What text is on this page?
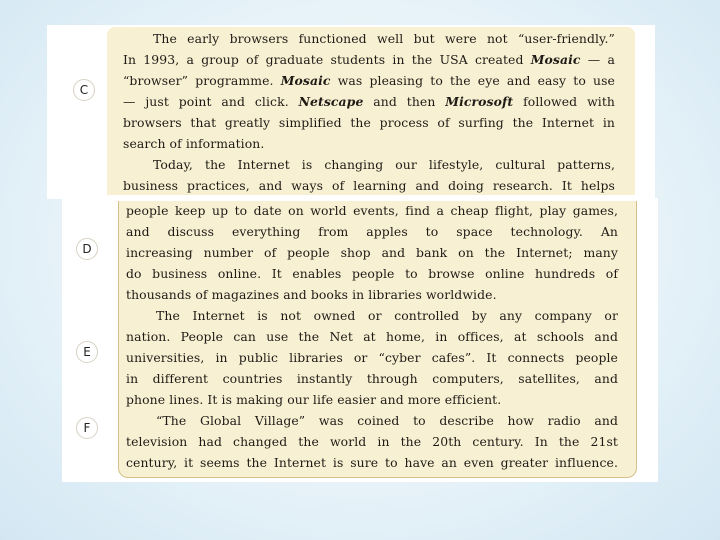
C
D
E
F

The early browsers functioned well but were not “user-friendly.”

In 1993, a group of graduate students in the USA created Mosaic — a

“browser” programme. Mosaic was pleasing to the eye and easy to use

— just point and click. Netscape and then Microsoft followed with

browsers that greatly simplified the process of surfing the Internet in

search of information.

Today, the Internet is changing our lifestyle, cultural patterns,

business practices, and ways of learning and doing research. It helps

people keep up to date on world events, find a cheap flight, play games,

and discuss everything from apples to space technology. An

increasing number of people shop and bank on the Internet; many

do business online. It enables people to browse online hundreds of

thousands of magazines and books in libraries worldwide.

The Internet is not owned or controlled by any company or

nation. People can use the Net at home, in offices, at schools and

universities, in public libraries or “cyber cafes”. It connects people

in different countries instantly through computers, satellites, and

phone lines. It is making our life easier and more efficient.

“The Global Village” was coined to describe how radio and

television had changed the world in the 20th century. In the 21st

century, it seems the Internet is sure to have an even greater influence.
